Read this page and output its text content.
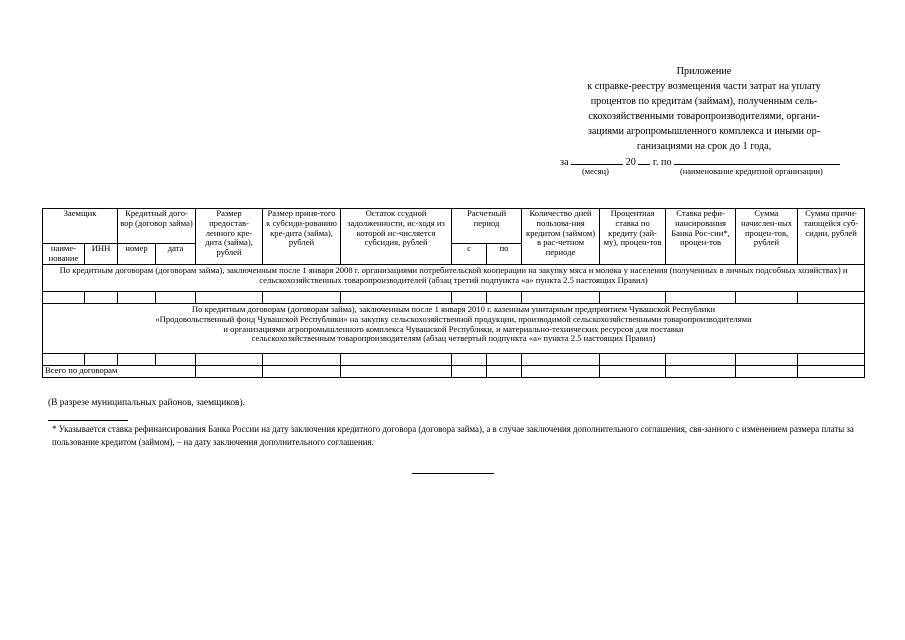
Приложение
к справке-реестру возмещения части затрат на уплату
процентов по кредитам (займам), полученным сель-
скохозяйственными товаропроизводителями, органи-
зациями агропромышленного комплекса и иными ор-
ганизациями на срок до 1 года,
за	20 г. по
(месяц)	(наименование кредитной организации)
Заемщик		Кредитный дого-вор (договор займа)		Размер предостав-ленного кре-дита (займа), рублей	Размер приня-того к субсиди-рованию кре-дита (займа), рублей	Остаток ссудной задолженности, ис-ходя из которой ис-числяется субсидия, рублей	Расчетный период		Количество дней пользова-ния кредитом (займом) в рас-четном периоде	Процентная ставка по кредиту (зай-му), процен-тов	Ставка рефи-нансирования Банка Рос-сии*, процен-тов	Сумма начислен-ных процен-тов, рублей	Сумма причи-тающейся суб-сидии, рублей
наиме-нование	ИНН	номер	дата				с	по					
По кредитным договорам (договорам займа), заключенным после 1 января 2008 г. организациями потребительской кооперации на закупку мяса и молока у населения (полученных в личных подсобных хозяйствах) и сельскохозяйственных товаропроизводителей (абзац третий подпункта «а» пункта 2.5 настоящих Правил)													

По кредитным договорам (договорам займа), заключенным после 1 января 2010 г. казенным унитарным предприятием Чувашской Республики
«Продовольственный фонд Чувашской Республики» на закупку сельскохозяйственной продукции, производимой сельскохозяйственными товаропроизводителями
и организациями агропромышленного комплекса Чувашской Республики, и материально-технических ресурсов для поставки
сельскохозяйственным товаропроизводителям (абзац четвертый подпункта «а» пункта 2.5 настоящих Правил)													

Всего по договорам													
(В разрезе муниципальных районов, заемщиков).
* Указывается ставка рефинансирования Банка России на дату заключения кредитного договора (договора займа), а в случае заключения дополнительного соглашения, свя-занного с изменением размера платы за пользование кредитом (займом), – на дату заключения дополнительного соглашения.
